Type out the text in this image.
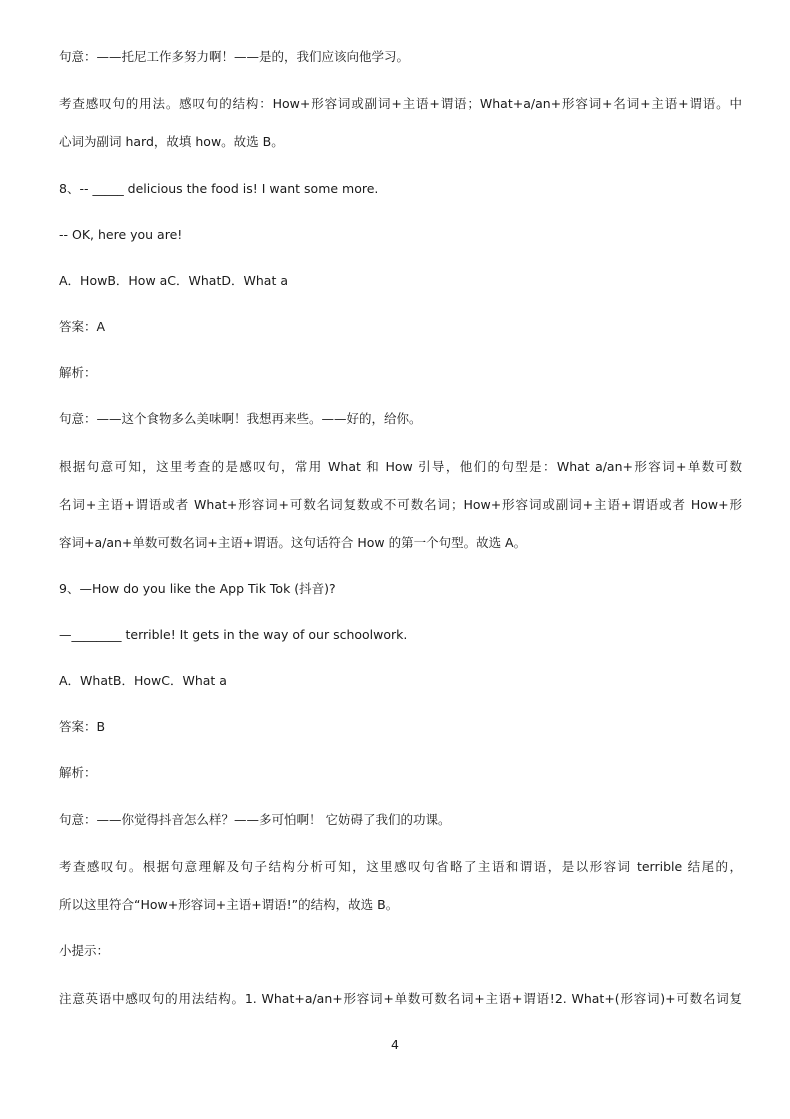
句意：——托尼工作多努力啊！——是的，我们应该向他学习。
考查感叹句的用法。感叹句的结构：How+形容词或副词+主语+谓语；What+a/an+形容词+名词+主语+谓语。中
心词为副词 hard，故填 how。故选 B。
8、-- _____ delicious the food is! I want some more.
-- OK, here you are!
A．HowB．How aC．WhatD．What a
答案：A
解析：
句意：——这个食物多么美味啊！我想再来些。——好的，给你。
根据句意可知，这里考查的是感叹句，常用 What 和 How 引导，他们的句型是：What a/an+形容词+单数可数
名词+主语+谓语或者 What+形容词+可数名词复数或不可数名词；How+形容词或副词+主语+谓语或者 How+形
容词+a/an+单数可数名词+主语+谓语。这句话符合 How 的第一个句型。故选 A。
9、—How do you like the App Tik Tok (抖音)?
—________ terrible! It gets in the way of our schoolwork.
A．WhatB．HowC．What a
答案：B
解析：
句意：——你觉得抖音怎么样？——多可怕啊！ 它妨碍了我们的功课。
考查感叹句。根据句意理解及句子结构分析可知，这里感叹句省略了主语和谓语，是以形容词 terrible 结尾的，
所以这里符合“How+形容词+主语+谓语!”的结构，故选 B。
小提示：
注意英语中感叹句的用法结构。1. What+a/an+形容词+单数可数名词+主语+谓语!2. What+(形容词)+可数名词复
4
